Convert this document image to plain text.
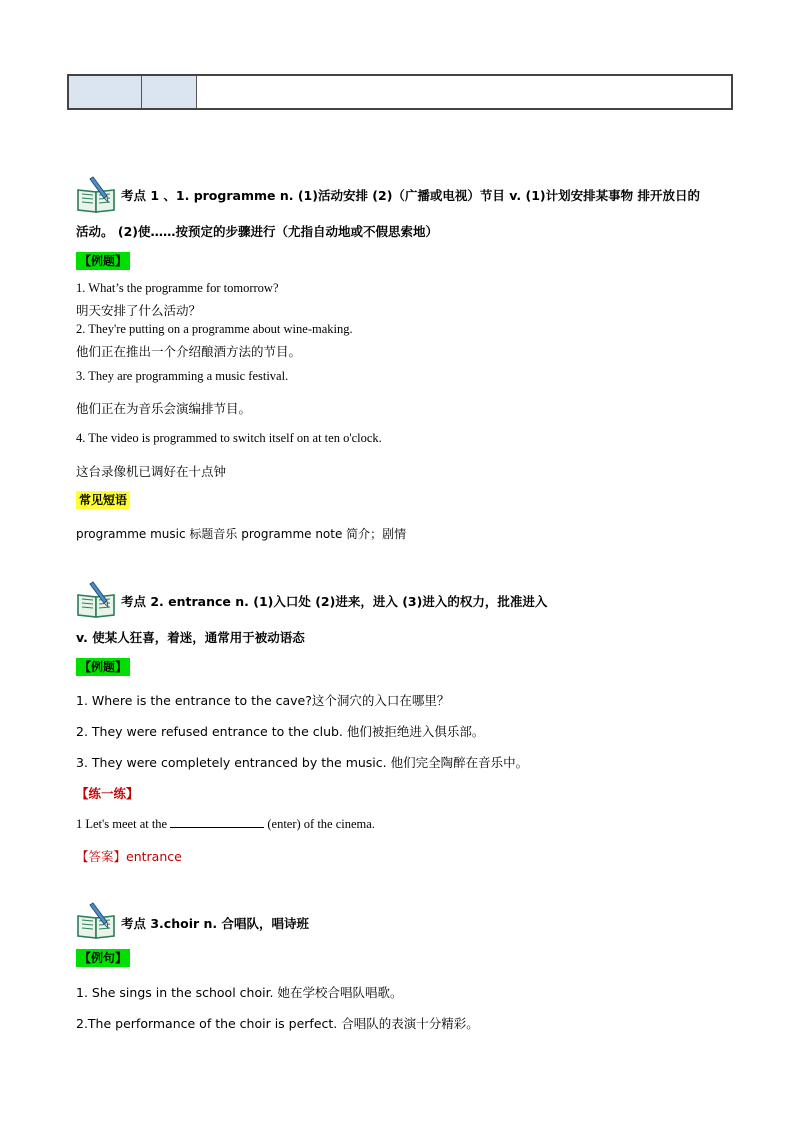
考点 1 、1. programme n. (1)活动安排 (2)（广播或电视）节目 v. (1)计划安排某事物 排开放日的
活动。 (2)使……按预定的步骤进行（尤指自动地或不假思索地）
【例题】
1. What’s the programme for tomorrow?
明天安排了什么活动？
2. They're putting on a programme about wine-making.
他们正在推出一个介绍酿酒方法的节目。
3. They are programming a music festival.
他们正在为音乐会演编排节目。
4. The video is programmed to switch itself on at ten o'clock.
这台录像机已调好在十点钟
常见短语
programme music 标题音乐 programme note 简介；剧情
考点 2. entrance n. (1)入口处 (2)进来，进入 (3)进入的权力，批准进入
v. 使某人狂喜，着迷，通常用于被动语态
【例题】
1. Where is the entrance to the cave?这个洞穴的入口在哪里？
2. They were refused entrance to the club. 他们被拒绝进入俱乐部。
3. They were completely entranced by the music. 他们完全陶醉在音乐中。
【练一练】
1 Let's meet at the	(enter) of the cinema.
【答案】entrance
考点 3.choir n. 合唱队，唱诗班
【例句】
1. She sings in the school choir. 她在学校合唱队唱歌。
2.The performance of the choir is perfect. 合唱队的表演十分精彩。
